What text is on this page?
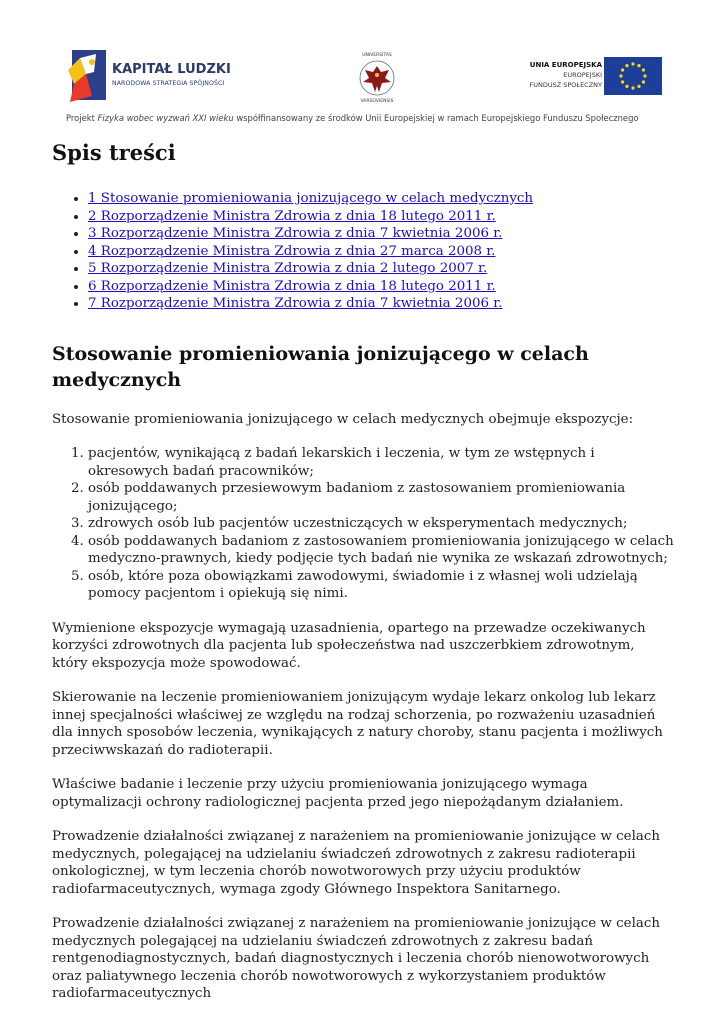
KAPITAŁ LUDZKI
NARODOWA STRATEGIA SPÓJNOŚCI
UNIVERSITAS
VARSOVIENSIS
UNIA EUROPEJSKA
EUROPEJSKI
FUNDUSZ SPOŁECZNY
Projekt Fizyka wobec wyzwań XXI wieku współfinansowany ze środków Unii Europejskiej w ramach Europejskiego Funduszu Społecznego
Spis treści
• 1 Stosowanie promieniowania jonizującego w celach medycznych
• 2 Rozporządzenie Ministra Zdrowia z dnia 18 lutego 2011 r.
• 3 Rozporządzenie Ministra Zdrowia z dnia 7 kwietnia 2006 r.
• 4 Rozporządzenie Ministra Zdrowia z dnia 27 marca 2008 r.
• 5 Rozporządzenie Ministra Zdrowia z dnia 2 lutego 2007 r.
• 6 Rozporządzenie Ministra Zdrowia z dnia 18 lutego 2011 r.
• 7 Rozporządzenie Ministra Zdrowia z dnia 7 kwietnia 2006 r.
Stosowanie promieniowania jonizującego w celach medycznych

Stosowanie promieniowania jonizującego w celach medycznych obejmuje ekspozycje:

1. pacjentów, wynikającą z badań lekarskich i leczenia, w tym ze wstępnych i okresowych badań pracowników;
2. osób poddawanych przesiewowym badaniom z zastosowaniem promieniowania jonizującego;
3. zdrowych osób lub pacjentów uczestniczących w eksperymentach medycznych;
4. osób poddawanych badaniom z zastosowaniem promieniowania jonizującego w celach medyczno-prawnych, kiedy podjęcie tych badań nie wynika ze wskazań zdrowotnych;
5. osób, które poza obowiązkami zawodowymi, świadomie i z własnej woli udzielają pomocy pacjentom i opiekują się nimi.

Wymienione ekspozycje wymagają uzasadnienia, opartego na przewadze oczekiwanych korzyści zdrowotnych dla pacjenta lub społeczeństwa nad uszczerbkiem zdrowotnym, który ekspozycja może spowodować.

Skierowanie na leczenie promieniowaniem jonizującym wydaje lekarz onkolog lub lekarz innej specjalności właściwej ze względu na rodzaj schorzenia, po rozważeniu uzasadnień dla innych sposobów leczenia, wynikających z natury choroby, stanu pacjenta i możliwych przeciwwskazań do radioterapii.

Właściwe badanie i leczenie przy użyciu promieniowania jonizującego wymaga optymalizacji ochrony radiologicznej pacjenta przed jego niepożądanym działaniem.

Prowadzenie działalności związanej z narażeniem na promieniowanie jonizujące w celach medycznych, polegającej na udzielaniu świadczeń zdrowotnych z zakresu radioterapii onkologicznej, w tym leczenia chorób nowotworowych przy użyciu produktów radiofarmaceutycznych, wymaga zgody Głównego Inspektora Sanitarnego.

Prowadzenie działalności związanej z narażeniem na promieniowanie jonizujące w celach medycznych polegającej na udzielaniu świadczeń zdrowotnych z zakresu badań rentgenodiagnostycznych, badań diagnostycznych i leczenia chorób nienowotworowych oraz paliatywnego leczenia chorób nowotworowych z wykorzystaniem produktów radiofarmaceutycznych
